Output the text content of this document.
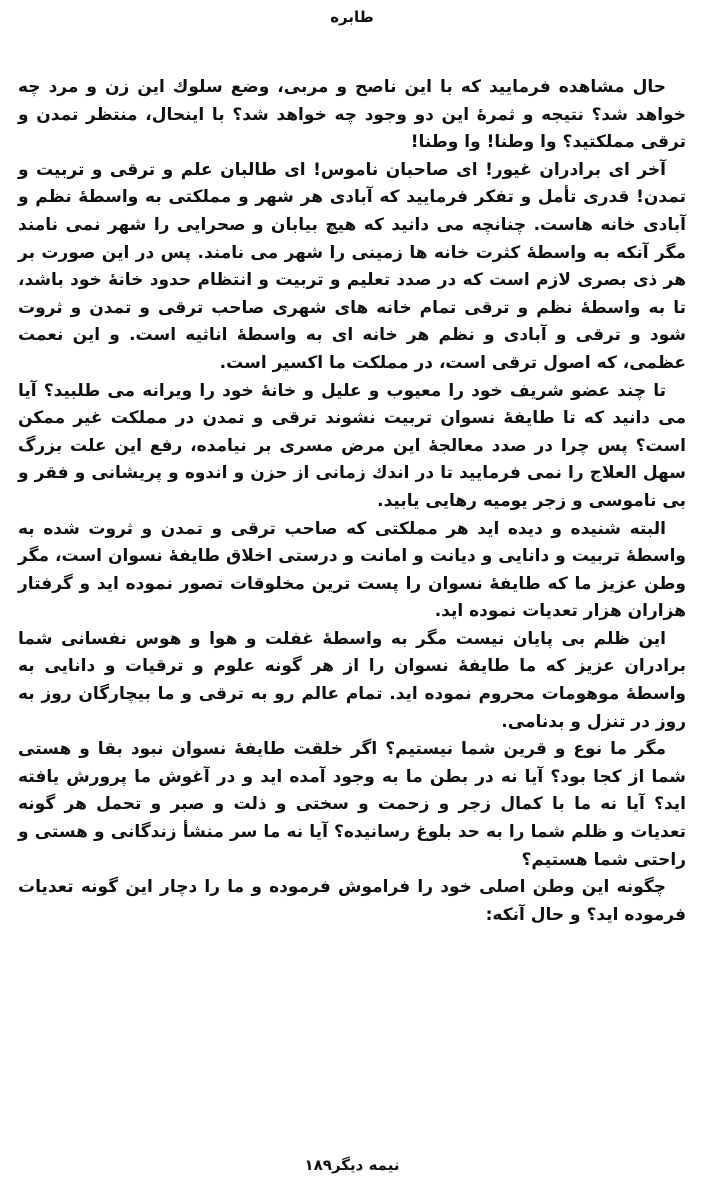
طابره

حال مشاهده فرمایید که با این ناصح و مربی، وضع سلوك این زن و مرد چه خواهد شد؟ نتیجه و ثمرۀ این دو وجود چه خواهد شد؟ با اینحال، منتظر تمدن و ترقی مملکتید؟ وا وطنا! وا وطنا!

آخر ای برادران غیور! ای صاحبان ناموس! ای طالبان علم و ترقی و تربیت و تمدن! قدری تأمل و تفکر فرمایید که آبادی هر شهر و مملکتی به واسطۀ نظم و آبادی خانه هاست. چنانچه می دانید که هیچ بیابان و صحرایی را شهر نمی نامند مگر آنکه به واسطۀ کثرت خانه ها زمینی را شهر می نامند. پس در این صورت بر هر ذی بصری لازم است که در صدد تعلیم و تربیت و انتظام حدود خانۀ خود باشد، تا به واسطۀ نظم و ترقی تمام خانه های شهری صاحب ترقی و تمدن و ثروت شود و ترقی و آبادی و نظم هر خانه ای به واسطۀ اناثیه است. و این نعمت عظمی، که اصول ترقی است، در مملکت ما اکسیر است.

تا چند عضو شریف خود را معیوب و علیل و خانۀ خود را ویرانه می طلبید؟ آیا می دانید که تا طایفۀ نسوان تربیت نشوند ترقی و تمدن در مملکت غیر ممکن است؟ پس چرا در صدد معالجۀ این مرض مسری بر نیامده، رفع این علت بزرگ سهل العلاج را نمی فرمایید تا در اندك زمانی از حزن و اندوه و پریشانی و فقر و بی ناموسی و زجر یومیه رهایی یابید.

البته شنیده و دیده اید هر مملکتی که صاحب ترقی و تمدن و ثروت شده به واسطۀ تربیت و دانایی و دیانت و امانت و درستی اخلاق طایفۀ نسوان است، مگر وطن عزیز ما که طایفۀ نسوان را پست ترین مخلوقات تصور نموده اید و گرفتار هزاران هزار تعدیات نموده اید.

این ظلم بی پایان نیست مگر به واسطۀ غفلت و هوا و هوس نفسانی شما برادران عزیز که ما طایفۀ نسوان را از هر گونه علوم و ترقیات و دانایی به واسطۀ موهومات محروم نموده اید. تمام عالم رو به ترقی و ما بیچارگان روز به روز در تنزل و بدنامی.

مگر ما نوع و قرین شما نیستیم؟ اگر خلقت طایفۀ نسوان نبود بقا و هستی شما از کجا بود؟ آیا نه در بطن ما به وجود آمده اید و در آغوش ما پرورش یافته اید؟ آیا نه ما با کمال زجر و زحمت و سختی و ذلت و صبر و تحمل هر گونه تعدیات و ظلم شما را به حد بلوغ رسانیده؟ آیا نه ما سر منشأ زندگانی و هستی و راحتی شما هستیم؟

چگونه این وطن اصلی خود را فراموش فرموده و ما را دچار این گونه تعدیات فرموده اید؟ و حال آنکه:

نیمه دیگر۱۸۹
